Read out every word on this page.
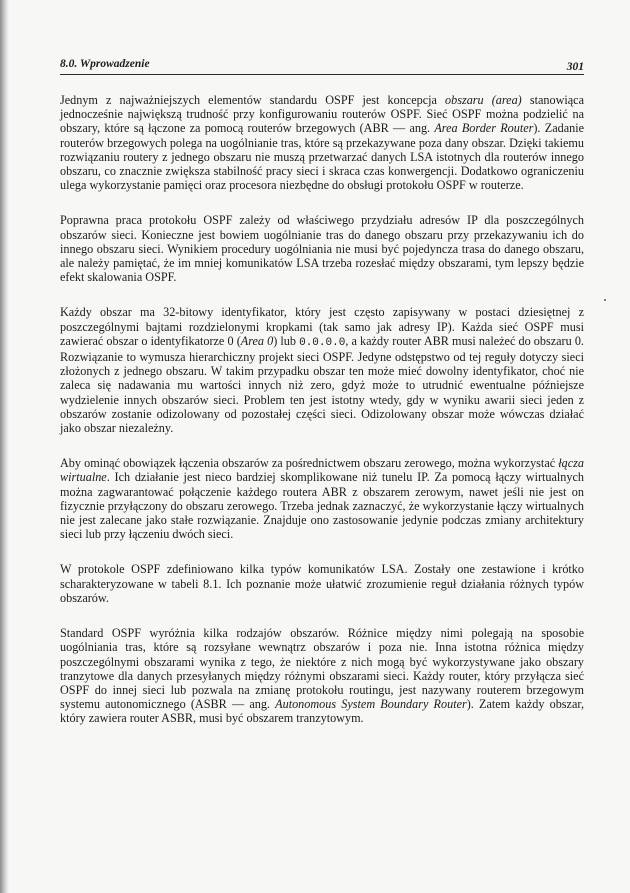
8.0. Wprowadzenie	301

Jednym z najważniejszych elementów standardu OSPF jest koncepcja obszaru (area) stanowiąca jednocześnie największą trudność przy konfigurowaniu routerów OSPF. Sieć OSPF można podzielić na obszary, które są łączone za pomocą routerów brzegowych (ABR — ang. Area Border Router). Zadanie routerów brzegowych polega na uogólnianie tras, które są przekazywane poza dany obszar. Dzięki takiemu rozwiązaniu routery z jednego obszaru nie muszą przetwarzać danych LSA istotnych dla routerów innego obszaru, co znacznie zwiększa stabilność pracy sieci i skraca czas konwergencji. Dodatkowo ograniczeniu ulega wykorzystanie pamięci oraz procesora niezbędne do obsługi protokołu OSPF w routerze.

Poprawna praca protokołu OSPF zależy od właściwego przydziału adresów IP dla poszczególnych obszarów sieci. Konieczne jest bowiem uogólnianie tras do danego obszaru przy przekazywaniu ich do innego obszaru sieci. Wynikiem procedury uogólniania nie musi być pojedyncza trasa do danego obszaru, ale należy pamiętać, że im mniej komunikatów LSA trzeba rozesłać między obszarami, tym lepszy będzie efekt skalowania OSPF.

Każdy obszar ma 32-bitowy identyfikator, który jest często zapisywany w postaci dziesiętnej z poszczególnymi bajtami rozdzielonymi kropkami (tak samo jak adresy IP). Każda sieć OSPF musi zawierać obszar o identyfikatorze 0 (Area 0) lub 0.0.0.0, a każdy router ABR musi należeć do obszaru 0. Rozwiązanie to wymusza hierarchiczny projekt sieci OSPF. Jedyne odstępstwo od tej reguły dotyczy sieci złożonych z jednego obszaru. W takim przypadku obszar ten może mieć dowolny identyfikator, choć nie zaleca się nadawania mu wartości innych niż zero, gdyż może to utrudnić ewentualne późniejsze wydzielenie innych obszarów sieci. Problem ten jest istotny wtedy, gdy w wyniku awarii sieci jeden z obszarów zostanie odizolowany od pozostałej części sieci. Odizolowany obszar może wówczas działać jako obszar niezależny.

Aby ominąć obowiązek łączenia obszarów za pośrednictwem obszaru zerowego, można wykorzystać łącza wirtualne. Ich działanie jest nieco bardziej skomplikowane niż tunelu IP. Za pomocą łączy wirtualnych można zagwarantować połączenie każdego routera ABR z obszarem zerowym, nawet jeśli nie jest on fizycznie przyłączony do obszaru zerowego. Trzeba jednak zaznaczyć, że wykorzystanie łączy wirtualnych nie jest zalecane jako stałe rozwiązanie. Znajduje ono zastosowanie jedynie podczas zmiany architektury sieci lub przy łączeniu dwóch sieci.

W protokole OSPF zdefiniowano kilka typów komunikatów LSA. Zostały one zestawione i krótko scharakteryzowane w tabeli 8.1. Ich poznanie może ułatwić zrozumienie reguł działania różnych typów obszarów.

Standard OSPF wyróżnia kilka rodzajów obszarów. Różnice między nimi polegają na sposobie uogólniania tras, które są rozsyłane wewnątrz obszarów i poza nie. Inna istotna różnica między poszczególnymi obszarami wynika z tego, że niektóre z nich mogą być wykorzystywane jako obszary tranzytowe dla danych przesyłanych między różnymi obszarami sieci. Każdy router, który przyłącza sieć OSPF do innej sieci lub pozwala na zmianę protokołu routingu, jest nazywany routerem brzegowym systemu autonomicznego (ASBR — ang. Autonomous System Boundary Router). Zatem każdy obszar, który zawiera router ASBR, musi być obszarem tranzytowym.
